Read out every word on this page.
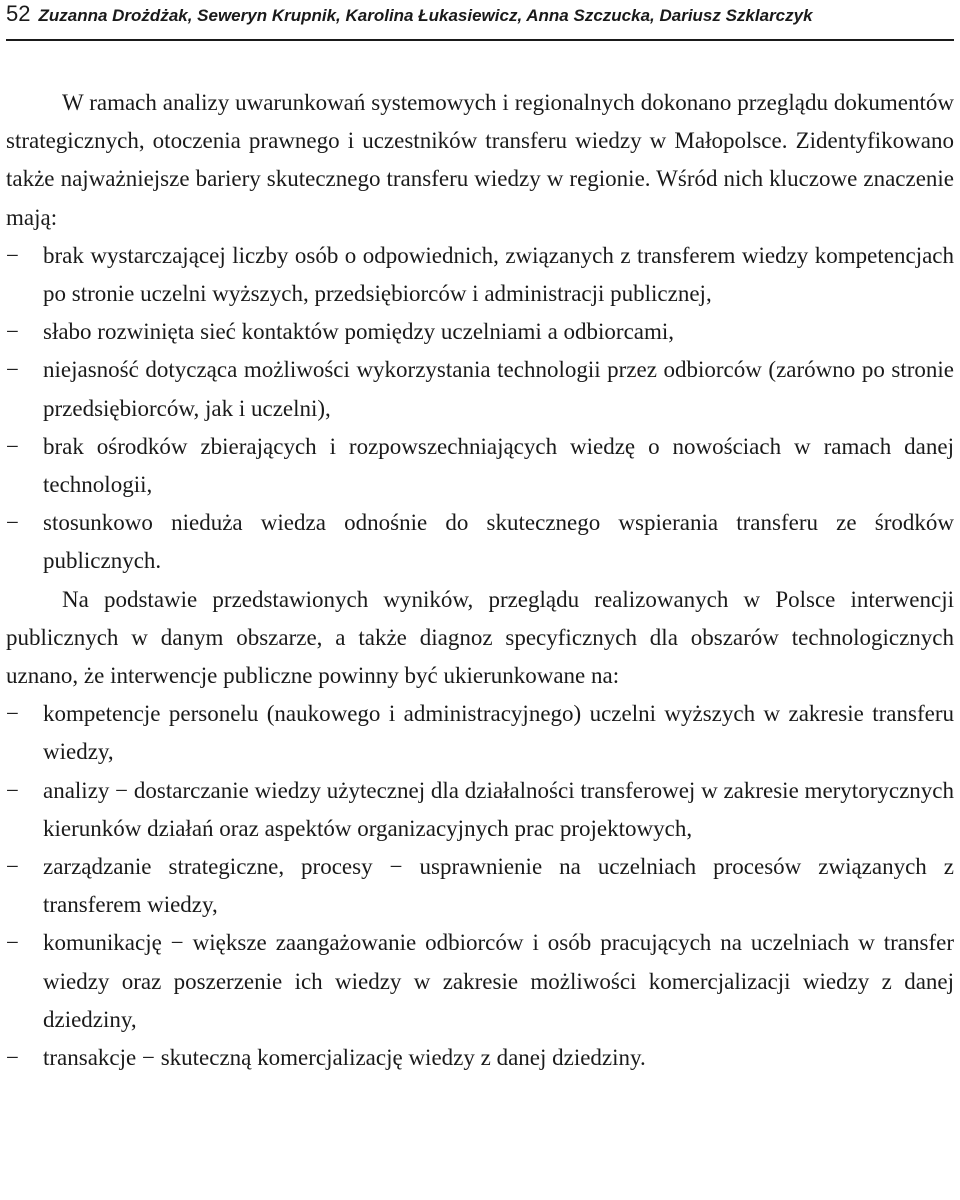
52 Zuzanna Drożdżak, Seweryn Krupnik, Karolina Łukasiewicz, Anna Szczucka, Dariusz Szklarczyk

W ramach analizy uwarunkowań systemowych i regionalnych dokonano przeglądu dokumentów strategicznych, otoczenia prawnego i uczestników transferu wiedzy w Małopolsce. Zidentyfikowano także najważniejsze bariery skutecznego transferu wiedzy w regionie. Wśród nich kluczowe znaczenie mają:

−	brak wystarczającej liczby osób o odpowiednich, związanych z transferem wiedzy kompetencjach po stronie uczelni wyższych, przedsiębiorców i administracji publicznej,
−	słabo rozwinięta sieć kontaktów pomiędzy uczelniami a odbiorcami,
−	niejasność dotycząca możliwości wykorzystania technologii przez odbiorców (zarówno po stronie przedsiębiorców, jak i uczelni),
−	brak ośrodków zbierających i rozpowszechniających wiedzę o nowościach w ramach danej technologii,
−	stosunkowo nieduża wiedza odnośnie do skutecznego wspierania transferu ze środków publicznych.

Na podstawie przedstawionych wyników, przeglądu realizowanych w Polsce interwencji publicznych w danym obszarze, a także diagnoz specyficznych dla obszarów technologicznych uznano, że interwencje publiczne powinny być ukierunkowane na:

−	kompetencje personelu (naukowego i administracyjnego) uczelni wyższych w zakresie transferu wiedzy,
−	analizy − dostarczanie wiedzy użytecznej dla działalności transferowej w zakresie merytorycznych kierunków działań oraz aspektów organizacyjnych prac projektowych,
−	zarządzanie strategiczne, procesy − usprawnienie na uczelniach procesów związanych z transferem wiedzy,
−	komunikację − większe zaangażowanie odbiorców i osób pracujących na uczelniach w transfer wiedzy oraz poszerzenie ich wiedzy w zakresie możliwości komercjalizacji wiedzy z danej dziedziny,
−	transakcje − skuteczną komercjalizację wiedzy z danej dziedziny.
